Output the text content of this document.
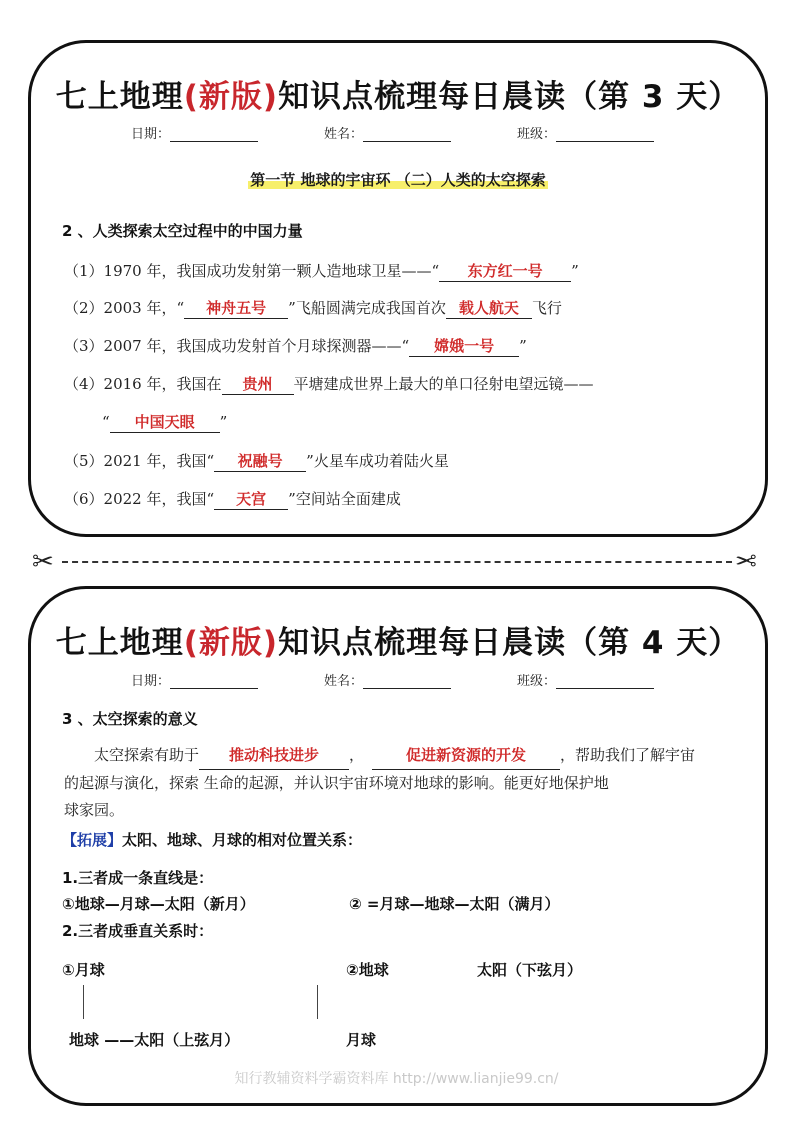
七上地理(新版)知识点梳理每日晨读（第 3 天）
日期：	姓名：	班级：
第一节 地球的宇宙环 （二）人类的太空探索
2 、人类探索太空过程中的中国力量
（1）1970 年，我国成功发射第一颗人造地球卫星——“ 东方红一号 ”
（2）2003 年，“ 神舟五号 ”飞船圆满完成我国首次 载人航天 飞行
（3）2007 年，我国成功发射首个月球探测器——“ 嫦娥一号 ”
（4）2016 年，我国在 贵州 平塘建成世界上最大的单口径射电望远镜——
“ 中国天眼 ”
（5）2021 年，我国“ 祝融号 ”火星车成功着陆火星
（6）2022 年，我国“ 天宫 ”空间站全面建成
✂	✂
七上地理(新版)知识点梳理每日晨读（第 4 天）
日期：	姓名：	班级：
3 、太空探索的意义
太空探索有助于 推动科技进步 ，	促进新资源的开发 ，帮助我们了解宇宙
的起源与演化，探索 生命的起源，并认识宇宙环境对地球的影响。能更好地保护地
球家园。
【拓展】太阳、地球、月球的相对位置关系：
1.三者成一条直线是：
①地球—月球—太阳（新月）	② =月球—地球—太阳（满月）
2.三者成垂直关系时：
①月球
地球 ——太阳（上弦月）
②地球	太阳（下弦月）
月球
知行教辅资料学霸资料库 http://www.lianjie99.cn/
